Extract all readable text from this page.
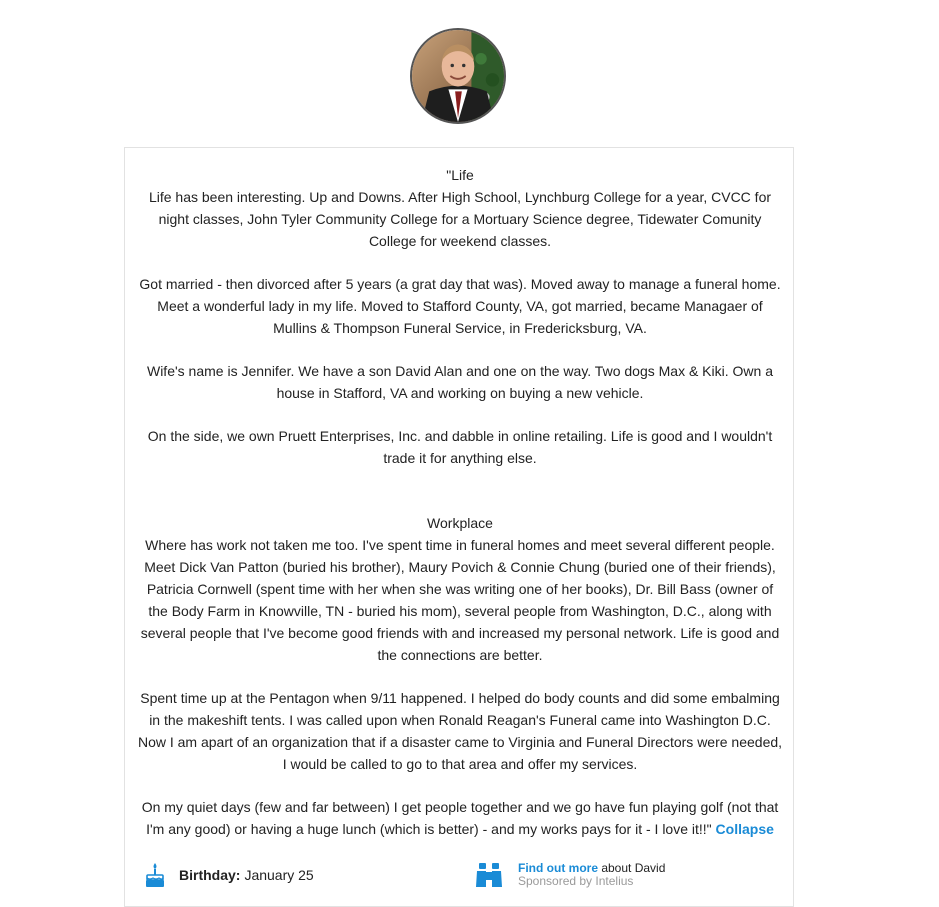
"Life

Life has been interesting. Up and Downs. After High School, Lynchburg College for a year, CVCC for night classes, John Tyler Community College for a Mortuary Science degree, Tidewater Comunity College for weekend classes.

Got married - then divorced after 5 years (a grat day that was). Moved away to manage a funeral home. Meet a wonderful lady in my life. Moved to Stafford County, VA, got married, became Managaer of Mullins & Thompson Funeral Service, in Fredericksburg, VA.

Wife's name is Jennifer. We have a son David Alan and one on the way. Two dogs Max & Kiki. Own a house in Stafford, VA and working on buying a new vehicle.

On the side, we own Pruett Enterprises, Inc. and dabble in online retailing. Life is good and I wouldn't trade it for anything else.

Workplace

Where has work not taken me too. I've spent time in funeral homes and meet several different people. Meet Dick Van Patton (buried his brother), Maury Povich & Connie Chung (buried one of their friends), Patricia Cornwell (spent time with her when she was writing one of her books), Dr. Bill Bass (owner of the Body Farm in Knowville, TN - buried his mom), several people from Washington, D.C., along with several people that I've become good friends with and increased my personal network. Life is good and the connections are better.

Spent time up at the Pentagon when 9/11 happened. I helped do body counts and did some embalming in the makeshift tents. I was called upon when Ronald Reagan's Funeral came into Washington D.C. Now I am apart of an organization that if a disaster came to Virginia and Funeral Directors were needed, I would be called to go to that area and offer my services.

On my quiet days (few and far between) I get people together and we go have fun playing golf (not that I'm any good) or having a huge lunch (which is better) - and my works pays for it - I love it!!" Collapse

Birthday: January 25	Find out more about David
Sponsored by Intelius
